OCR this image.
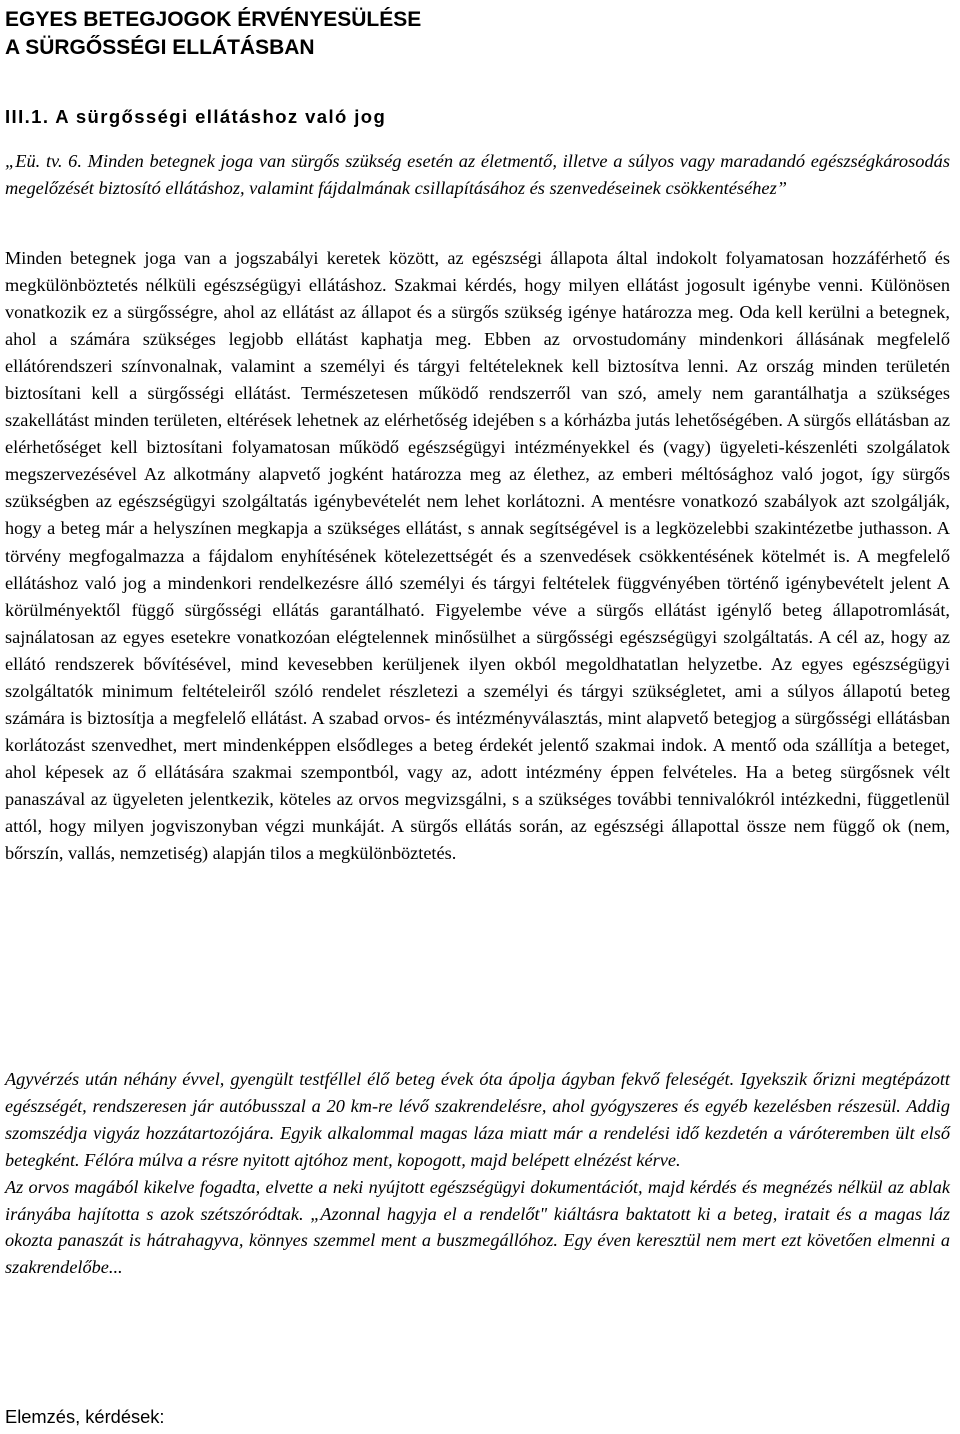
EGYES BETEGJOGOK ÉRVÉNYESÜLÉSE
A SÜRGŐSSÉGI ELLÁTÁSBAN
III.1. A sürgősségi ellátáshoz való jog

„Eü. tv. 6. Minden betegnek joga van sürgős szükség esetén az életmentő, illetve a súlyos vagy maradandó egészségkárosodás megelőzését biztosító ellátáshoz, valamint fájdalmának csillapításához és szenvedéseinek csökkentéséhez”

Minden betegnek joga van a jogszabályi keretek között, az egészségi állapota által indokolt folyamatosan hozzáférhető és megkülönböztetés nélküli egészségügyi ellátáshoz. Szakmai kérdés, hogy milyen ellátást jogosult igénybe venni. Különösen vonatkozik ez a sürgősségre, ahol az ellátást az állapot és a sürgős szükség igénye határozza meg. Oda kell kerülni a betegnek, ahol a számára szükséges legjobb ellátást kaphatja meg. Ebben az orvostudomány mindenkori állásának megfelelő ellátórendszeri színvonalnak, valamint a személyi és tárgyi feltételeknek kell biztosítva lenni. Az ország minden területén biztosítani kell a sürgősségi ellátást. Természetesen működő rendszerről van szó, amely nem garantálhatja a szükséges szakellátást minden területen, eltérések lehetnek az elérhetőség idejében s a kórházba jutás lehetőségében. A sürgős ellátásban az elérhetőséget kell biztosítani folyamatosan működő egészségügyi intézményekkel és (vagy) ügyeleti-készenléti szolgálatok megszervezésével Az alkotmány alapvető jogként határozza meg az élethez, az emberi méltósághoz való jogot, így sürgős szükségben az egészségügyi szolgáltatás igénybevételét nem lehet korlátozni. A mentésre vonatkozó szabályok azt szolgálják, hogy a beteg már a helyszínen megkapja a szükséges ellátást, s annak segítségével is a legközelebbi szakintézetbe juthasson. A törvény megfogalmazza a fájdalom enyhítésének kötelezettségét és a szenvedések csökkentésének kötelmét is. A megfelelő ellátáshoz való jog a mindenkori rendelkezésre álló személyi és tárgyi feltételek függvényében történő igénybevételt jelent A körülményektől függő sürgősségi ellátás garantálható. Figyelembe véve a sürgős ellátást igénylő beteg állapotromlását, sajnálatosan az egyes esetekre vonatkozóan elégtelennek minősülhet a sürgősségi egészségügyi szolgáltatás. A cél az, hogy az ellátó rendszerek bővítésével, mind kevesebben kerüljenek ilyen okból megoldhatatlan helyzetbe. Az egyes egészségügyi szolgáltatók minimum feltételeiről szóló rendelet részletezi a személyi és tárgyi szükségletet, ami a súlyos állapotú beteg számára is biztosítja a megfelelő ellátást. A szabad orvos- és intézményválasztás, mint alapvető betegjog a sürgősségi ellátásban korlátozást szenvedhet, mert mindenképpen elsődleges a beteg érdekét jelentő szakmai indok. A mentő oda szállítja a beteget, ahol képesek az ő ellátására szakmai szempontból, vagy az, adott intézmény éppen felvételes. Ha a beteg sürgősnek vélt panaszával az ügyeleten jelentkezik, köteles az orvos megvizsgálni, s a szükséges további tennivalókról intézkedni, függetlenül attól, hogy milyen jogviszonyban végzi munkáját. A sürgős ellátás során, az egészségi állapottal össze nem függő ok (nem, bőrszín, vallás, nemzetiség) alapján tilos a megkülönböztetés.

Agyvérzés után néhány évvel, gyengült testféllel élő beteg évek óta ápolja ágyban fekvő feleségét. Igyekszik őrizni megtépázott egészségét, rendszeresen jár autóbusszal a 20 km-re lévő szakrendelésre, ahol gyógyszeres és egyéb kezelésben részesül. Addig szomszédja vigyáz hozzátartozójára. Egyik alkalommal magas láza miatt már a rendelési idő kezdetén a váróteremben ült első betegként. Félóra múlva a résre nyitott ajtóhoz ment, kopogott, majd belépett elnézést kérve.

Az orvos magából kikelve fogadta, elvette a neki nyújtott egészségügyi dokumentációt, majd kérdés és megnézés nélkül az ablak irányába hajította s azok szétszóródtak. „Azonnal hagyja el a rendelőt" kiáltásra baktatott ki a beteg, iratait és a magas láz okozta panaszát is hátrahagyva, könnyes szemmel ment a buszmegállóhoz. Egy éven keresztül nem mert ezt követően elmenni a szakrendelőbe...

Elemzés, kérdések:
